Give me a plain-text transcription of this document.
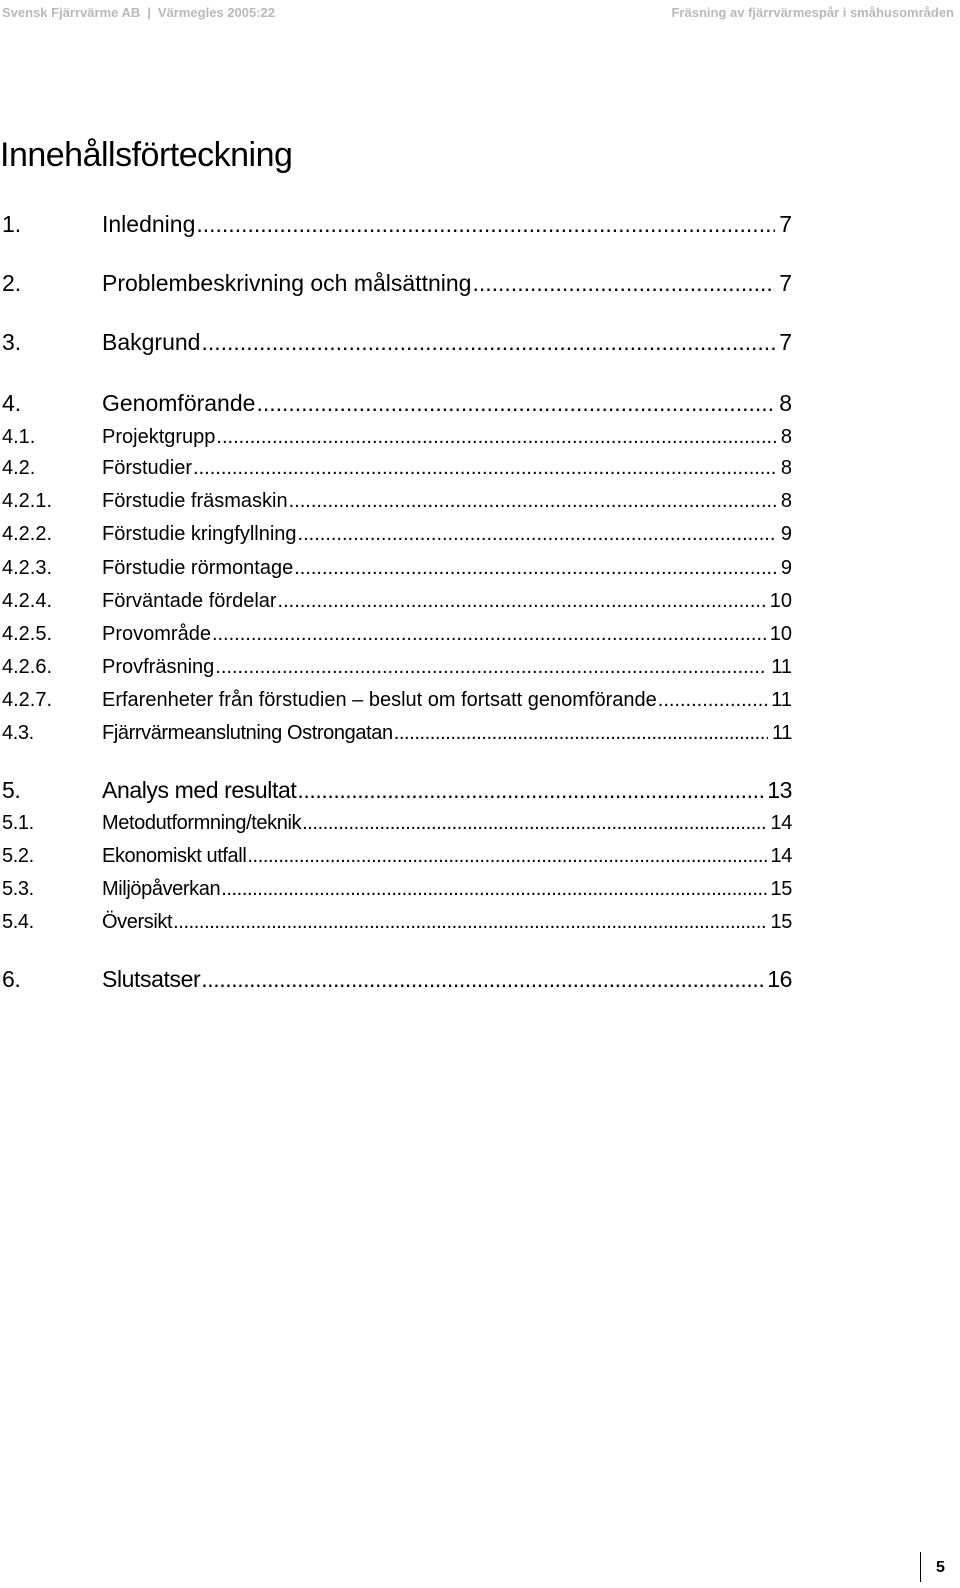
Svensk Fjärrvärme AB | Värmegles 2005:22	Fräsning av fjärrvärmespår i småhusområden
Innehållsförteckning
1.	Inledning .....	7
2.	Problembeskrivning och målsättning .....	7
3.	Bakgrund .....	7
4.	Genomförande .....	8
4.1.	Projektgrupp .....	8
4.2.	Förstudier .....	8
4.2.1.	Förstudie fräsmaskin .....	8
4.2.2.	Förstudie kringfyllning .....	9
4.2.3.	Förstudie rörmontage .....	9
4.2.4.	Förväntade fördelar .....	10
4.2.5.	Provområde .....	10
4.2.6.	Provfräsning .....	11
4.2.7.	Erfarenheter från förstudien – beslut om fortsatt genomförande .....	11
4.3.	Fjärrvärmeanslutning Ostrongatan .....	11
5.	Analys med resultat .....	13
5.1.	Metodutformning/teknik .....	14
5.2.	Ekonomiskt utfall .....	14
5.3.	Miljöpåverkan .....	15
5.4.	Översikt .....	15
6.	Slutsatser .....	16
5
